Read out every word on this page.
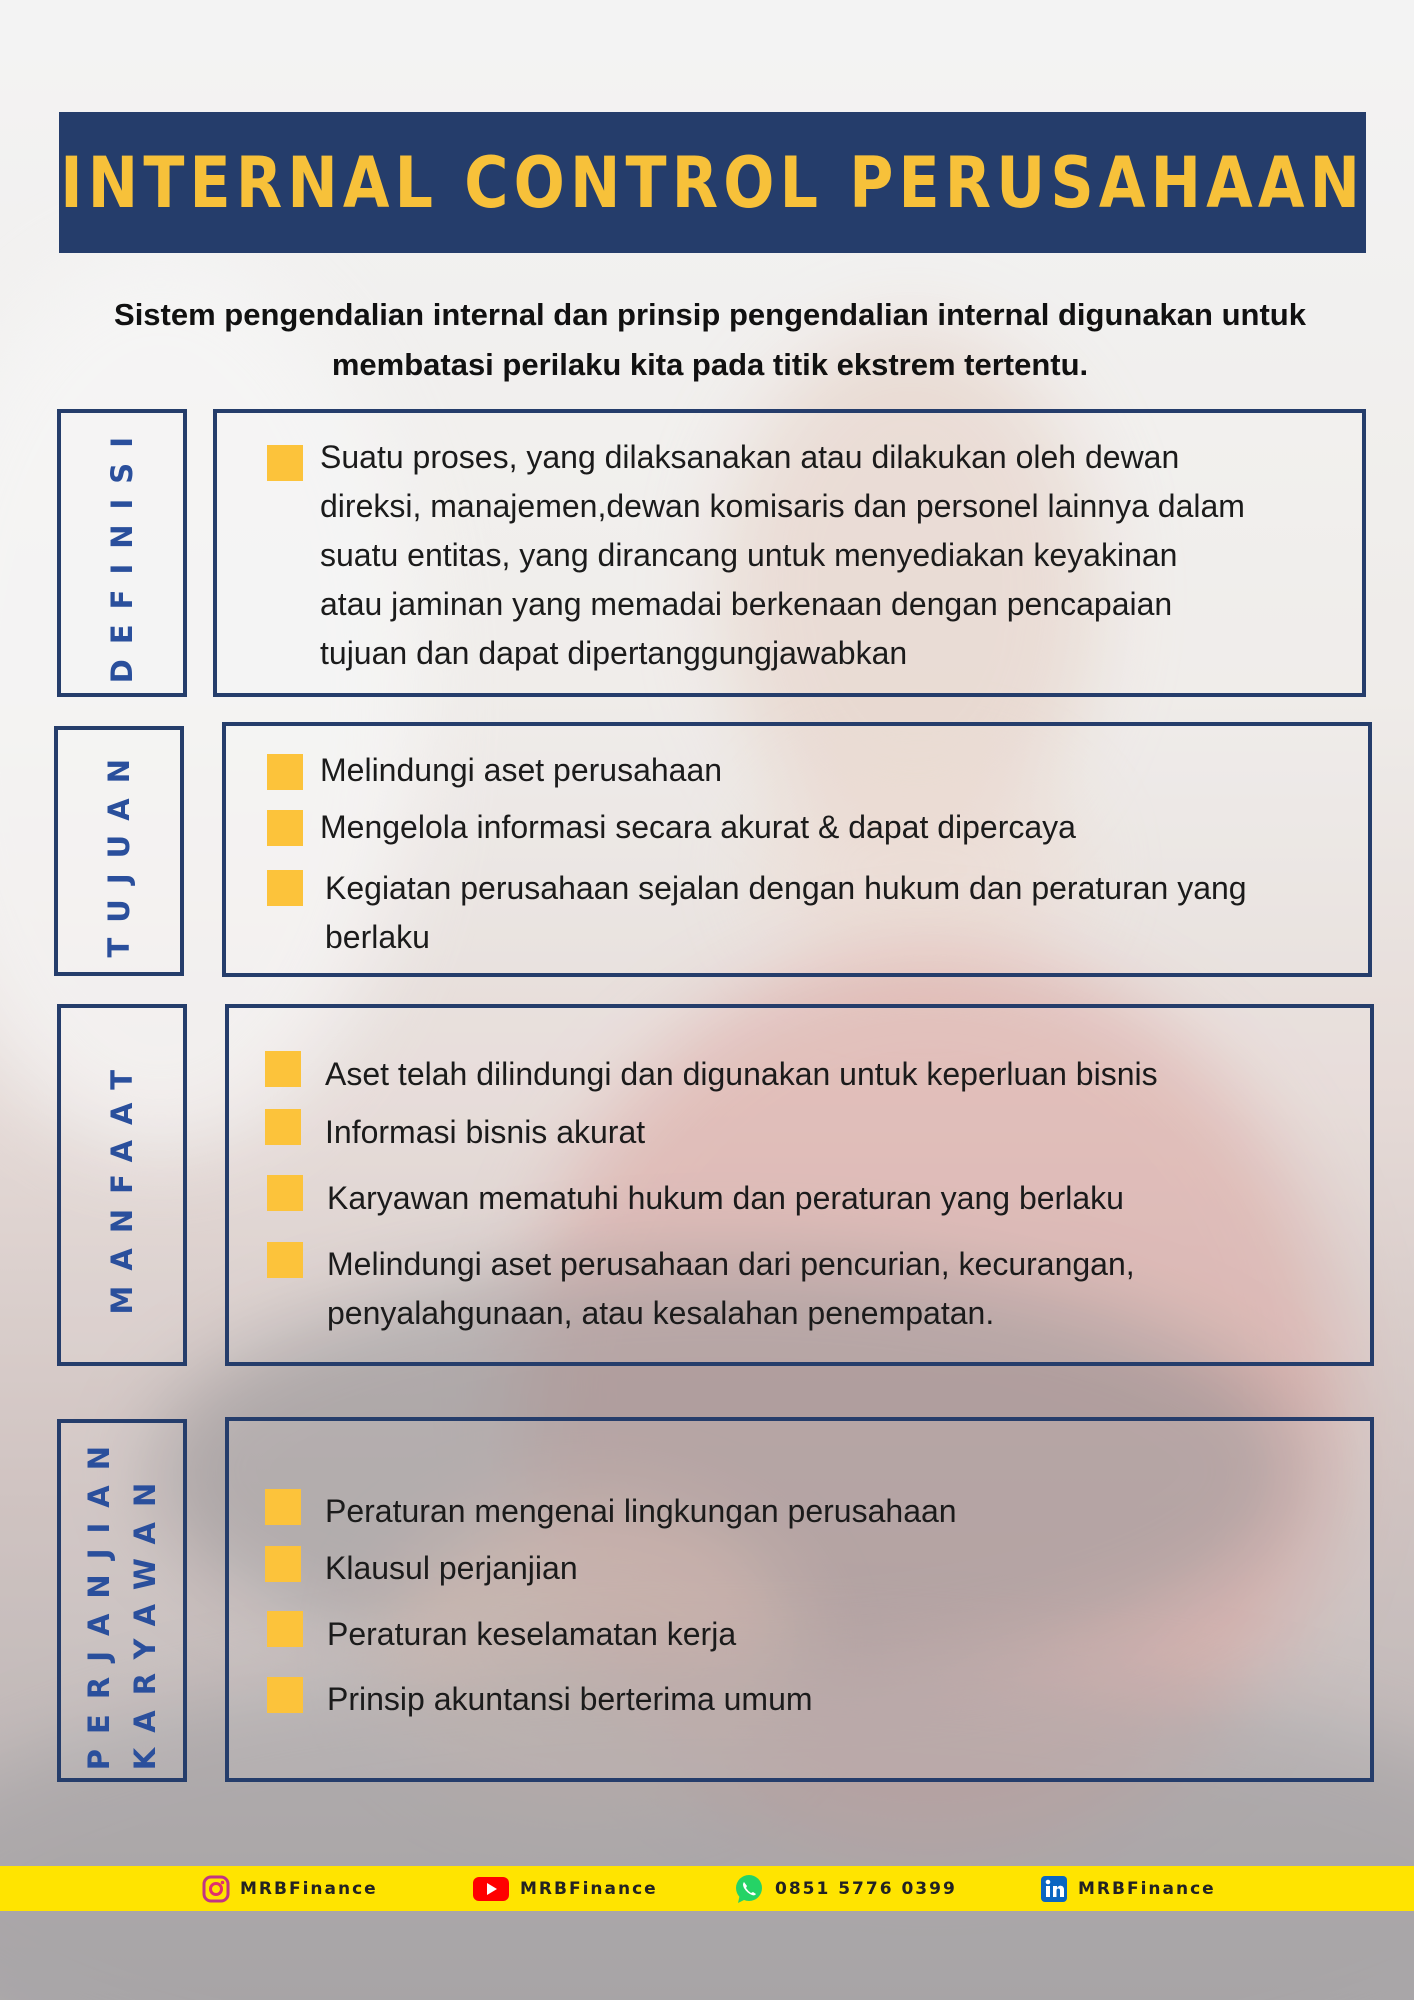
INTERNAL CONTROL PERUSAHAAN
Sistem pengendalian internal dan prinsip pengendalian internal digunakan untuk
membatasi perilaku kita pada titik ekstrem tertentu.
DEFINISI	Suatu proses, yang dilaksanakan atau dilakukan oleh dewan
direksi, manajemen,dewan komisaris dan personel lainnya dalam
suatu entitas, yang dirancang untuk menyediakan keyakinan
atau jaminan yang memadai berkenaan dengan pencapaian
tujuan dan dapat dipertanggungjawabkan
TUJUAN	Melindungi aset perusahaan
Mengelola informasi secara akurat & dapat dipercaya
Kegiatan perusahaan sejalan dengan hukum dan peraturan yang
berlaku
MANFAAT	Aset telah dilindungi dan digunakan untuk keperluan bisnis
Informasi bisnis akurat
Karyawan mematuhi hukum dan peraturan yang berlaku
Melindungi aset perusahaan dari pencurian, kecurangan,
penyalahgunaan, atau kesalahan penempatan.
PERJANJIAN KARYAWAN	Peraturan mengenai lingkungan perusahaan
Klausul perjanjian
Peraturan keselamatan kerja
Prinsip akuntansi berterima umum
MRBFinance	MRBFinance	0851 5776 0399	MRBFinance
